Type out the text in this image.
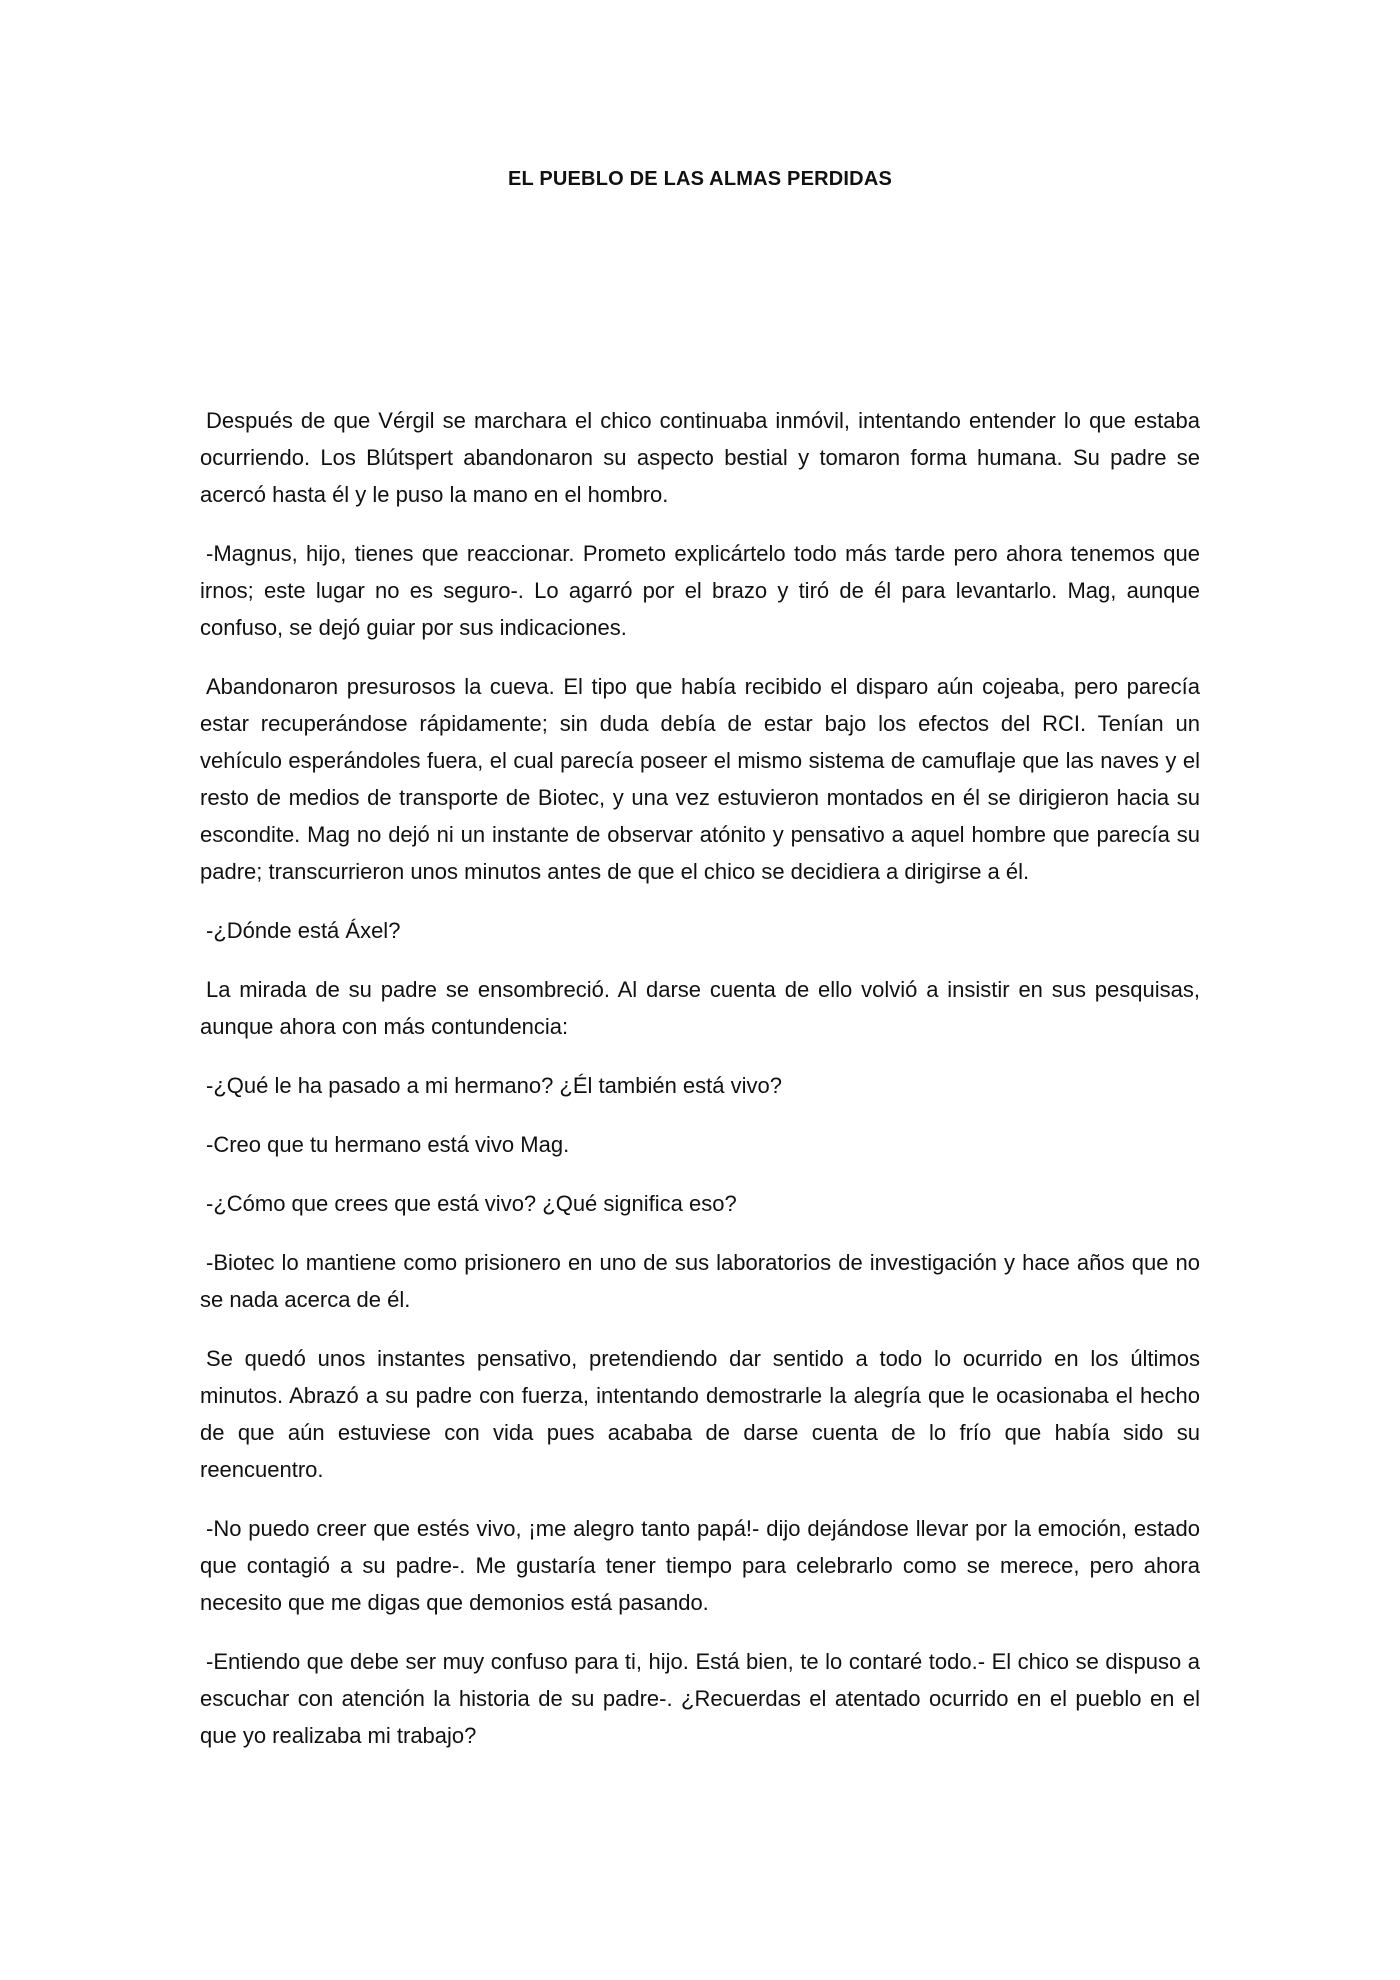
EL PUEBLO DE LAS ALMAS PERDIDAS

Después de que Vérgil se marchara el chico continuaba inmóvil, intentando entender lo que estaba ocurriendo. Los Blútspert abandonaron su aspecto bestial y tomaron forma humana. Su padre se acercó hasta él y le puso la mano en el hombro.

-Magnus, hijo, tienes que reaccionar. Prometo explicártelo todo más tarde pero ahora tenemos que irnos; este lugar no es seguro-. Lo agarró por el brazo y tiró de él para levantarlo. Mag, aunque confuso, se dejó guiar por sus indicaciones.

Abandonaron presurosos la cueva. El tipo que había recibido el disparo aún cojeaba, pero parecía estar recuperándose rápidamente; sin duda debía de estar bajo los efectos del RCI. Tenían un vehículo esperándoles fuera, el cual parecía poseer el mismo sistema de camuflaje que las naves y el resto de medios de transporte de Biotec, y una vez estuvieron montados en él se dirigieron hacia su escondite. Mag no dejó ni un instante de observar atónito y pensativo a aquel hombre que parecía su padre; transcurrieron unos minutos antes de que el chico se decidiera a dirigirse a él.

-¿Dónde está Áxel?

La mirada de su padre se ensombreció. Al darse cuenta de ello volvió a insistir en sus pesquisas, aunque ahora con más contundencia:

-¿Qué le ha pasado a mi hermano? ¿Él también está vivo?

-Creo que tu hermano está vivo Mag.

-¿Cómo que crees que está vivo? ¿Qué significa eso?

-Biotec lo mantiene como prisionero en uno de sus laboratorios de investigación y hace años que no se nada acerca de él.

Se quedó unos instantes pensativo, pretendiendo dar sentido a todo lo ocurrido en los últimos minutos. Abrazó a su padre con fuerza, intentando demostrarle la alegría que le ocasionaba el hecho de que aún estuviese con vida pues acababa de darse cuenta de lo frío que había sido su reencuentro.

-No puedo creer que estés vivo, ¡me alegro tanto papá!- dijo dejándose llevar por la emoción, estado que contagió a su padre-. Me gustaría tener tiempo para celebrarlo como se merece, pero ahora necesito que me digas que demonios está pasando.

-Entiendo que debe ser muy confuso para ti, hijo. Está bien, te lo contaré todo.- El chico se dispuso a escuchar con atención la historia de su padre-. ¿Recuerdas el atentado ocurrido en el pueblo en el que yo realizaba mi trabajo?
